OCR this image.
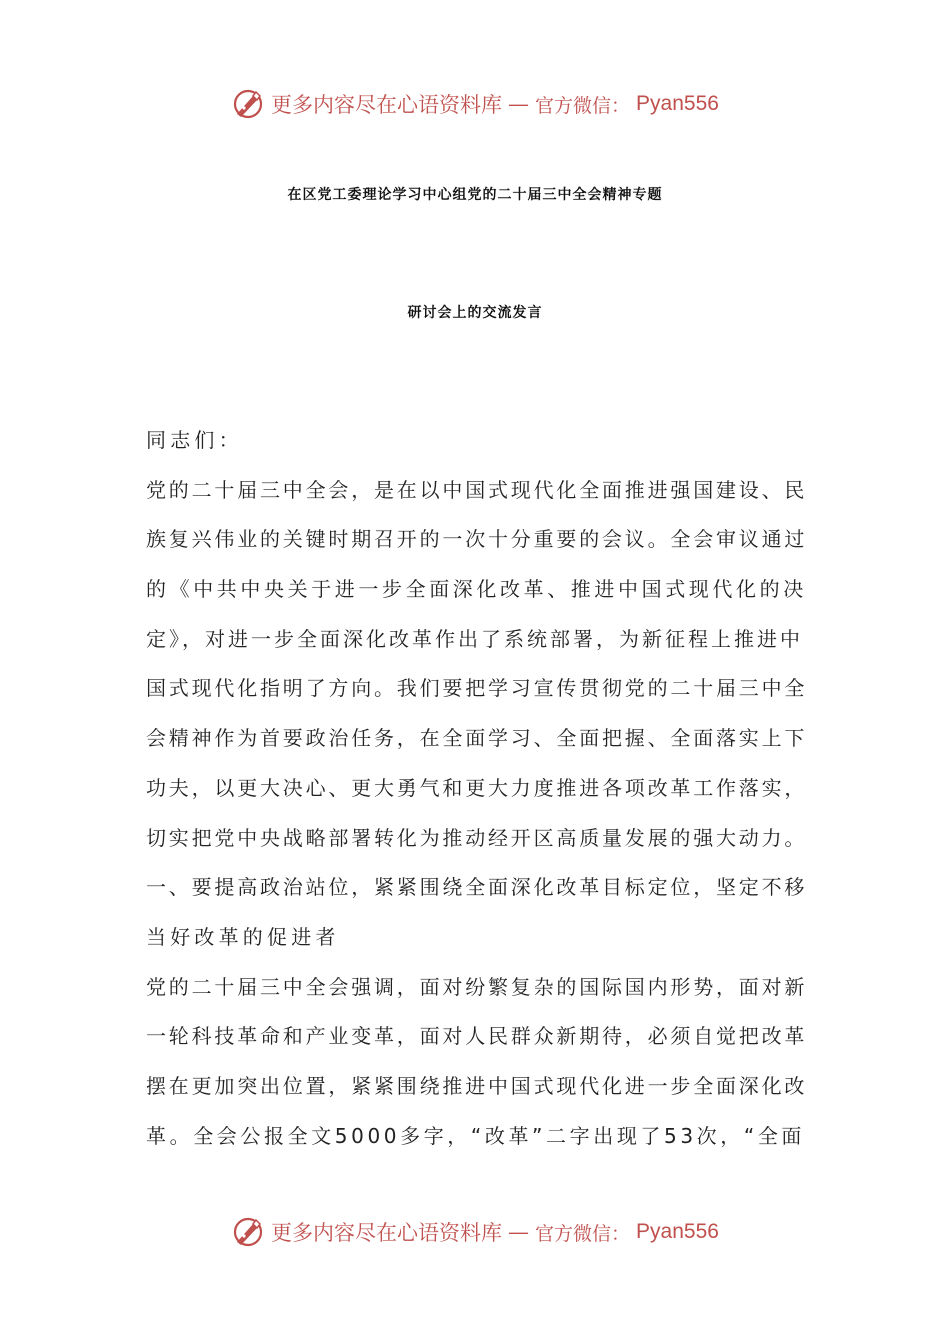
更多内容尽在心语资料库 — 官方微信： Pyan556
在区党工委理论学习中心组党的二十届三中全会精神专题
研讨会上的交流发言
同志们：
党的二十届三中全会，是在以中国式现代化全面推进强国建设、民
族复兴伟业的关键时期召开的一次十分重要的会议。全会审议通过
的《中共中央关于进一步全面深化改革、推进中国式现代化的决
定》，对进一步全面深化改革作出了系统部署，为新征程上推进中
国式现代化指明了方向。我们要把学习宣传贯彻党的二十届三中全
会精神作为首要政治任务，在全面学习、全面把握、全面落实上下
功夫，以更大决心、更大勇气和更大力度推进各项改革工作落实，
切实把党中央战略部署转化为推动经开区高质量发展的强大动力。
一、要提高政治站位，紧紧围绕全面深化改革目标定位，坚定不移
当好改革的促进者
党的二十届三中全会强调，面对纷繁复杂的国际国内形势，面对新
一轮科技革命和产业变革，面对人民群众新期待，必须自觉把改革
摆在更加突出位置，紧紧围绕推进中国式现代化进一步全面深化改
革。全会公报全文5000多字，“改革”二字出现了53次，“全面
更多内容尽在心语资料库 — 官方微信： Pyan556
